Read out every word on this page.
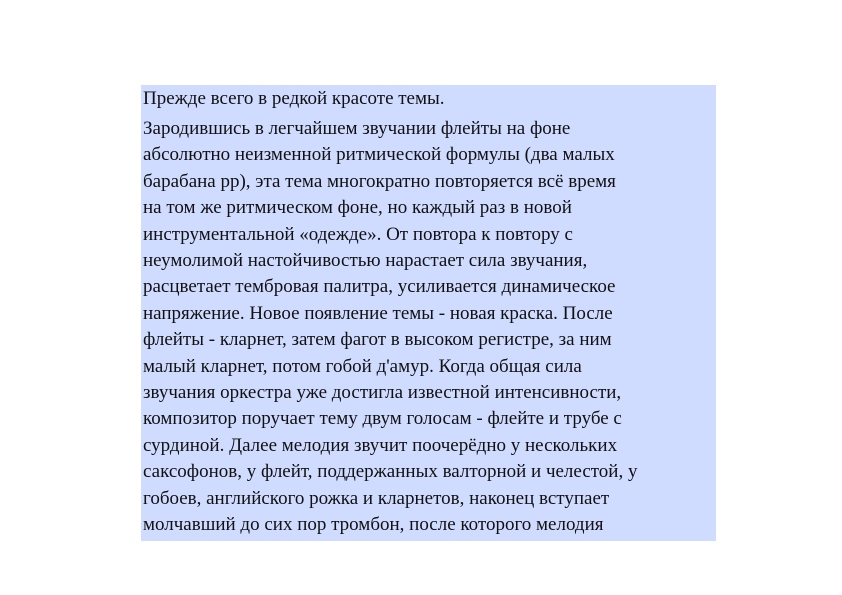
Прежде всего в редкой красоте темы.

Зародившись в легчайшем звучании флейты на фоне
абсолютно неизменной ритмической формулы (два малых
барабана pp), эта тема многократно повторяется всё время
на том же ритмическом фоне, но каждый раз в новой
инструментальной «одежде». От повтора к повтору с
неумолимой настойчивостью нарастает сила звучания,
расцветает тембровая палитра, усиливается динамическое
напряжение. Новое появление темы - новая краска. После
флейты - кларнет, затем фагот в высоком регистре, за ним
малый кларнет, потом гобой д'амур. Когда общая сила
звучания оркестра уже достигла известной интенсивности,
композитор поручает тему двум голосам - флейте и трубе с
сурдиной. Далее мелодия звучит поочерёдно у нескольких
саксофонов, у флейт, поддержанных валторной и челестой, у
гобоев, английского рожка и кларнетов, наконец вступает
молчавший до сих пор тромбон, после которого мелодия
